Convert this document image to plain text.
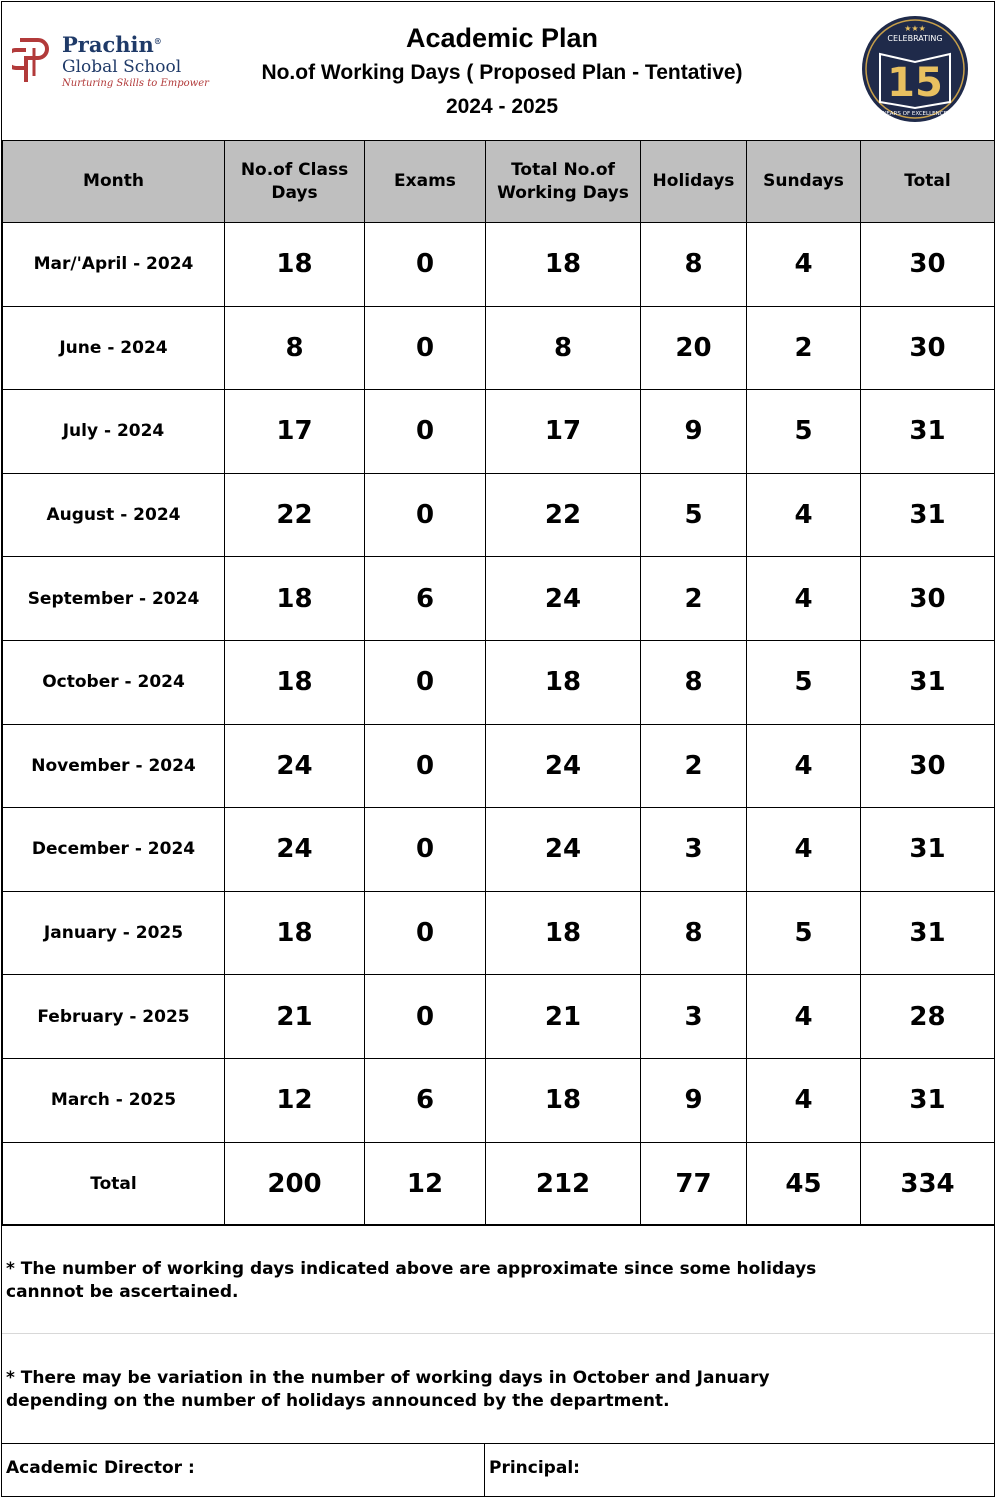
Prachin®
Global School
Nurturing Skills to Empower

Academic Plan

No.of Working Days ( Proposed Plan - Tentative)

2024 - 2025

★★★
CELEBRATING
15
YEARS OF EXCELLENCE
Month	No.of Class Days	Exams	Total No.of Working Days	Holidays	Sundays	Total
Mar/'April - 2024	18	0	18	8	4	30
June - 2024	8	0	8	20	2	30
July - 2024	17	0	17	9	5	31
August - 2024	22	0	22	5	4	31
September - 2024	18	6	24	2	4	30
October - 2024	18	0	18	8	5	31
November - 2024	24	0	24	2	4	30
December - 2024	24	0	24	3	4	31
January - 2025	18	0	18	8	5	31
February - 2025	21	0	21	3	4	28
March - 2025	12	6	18	9	4	31
Total	200	12	212	77	45	334
* The number of working days indicated above are approximate since some holidays
cannnot be ascertained.
* There may be variation in the number of working days in October and January
depending on the number of holidays announced by the department.
Academic Director :	Principal:
